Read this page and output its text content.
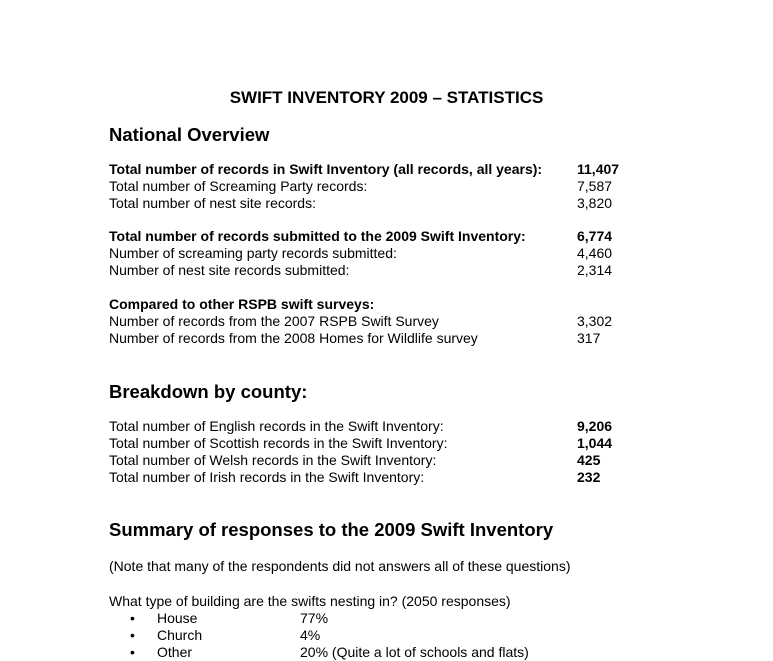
SWIFT INVENTORY 2009 – STATISTICS
National Overview
Total number of records in Swift Inventory (all records, all years): 11,407
Total number of Screaming Party records:	7,587
Total number of nest site records:	3,820
Total number of records submitted to the 2009 Swift Inventory:	6,774
Number of screaming party records submitted:	4,460
Number of nest site records submitted:	2,314
Compared to other RSPB swift surveys:
Number of records from the 2007 RSPB Swift Survey	3,302
Number of records from the 2008 Homes for Wildlife survey	317
Breakdown by county:
Total number of English records in the Swift Inventory:	9,206
Total number of Scottish records in the Swift Inventory:	1,044
Total number of Welsh records in the Swift Inventory:	425
Total number of Irish records in the Swift Inventory:	232
Summary of responses to the 2009 Swift Inventory
(Note that many of the respondents did not answers all of these questions)
What type of building are the swifts nesting in? (2050 responses)
• House	77%
• Church	4%
• Other	20% (Quite a lot of schools and flats)
